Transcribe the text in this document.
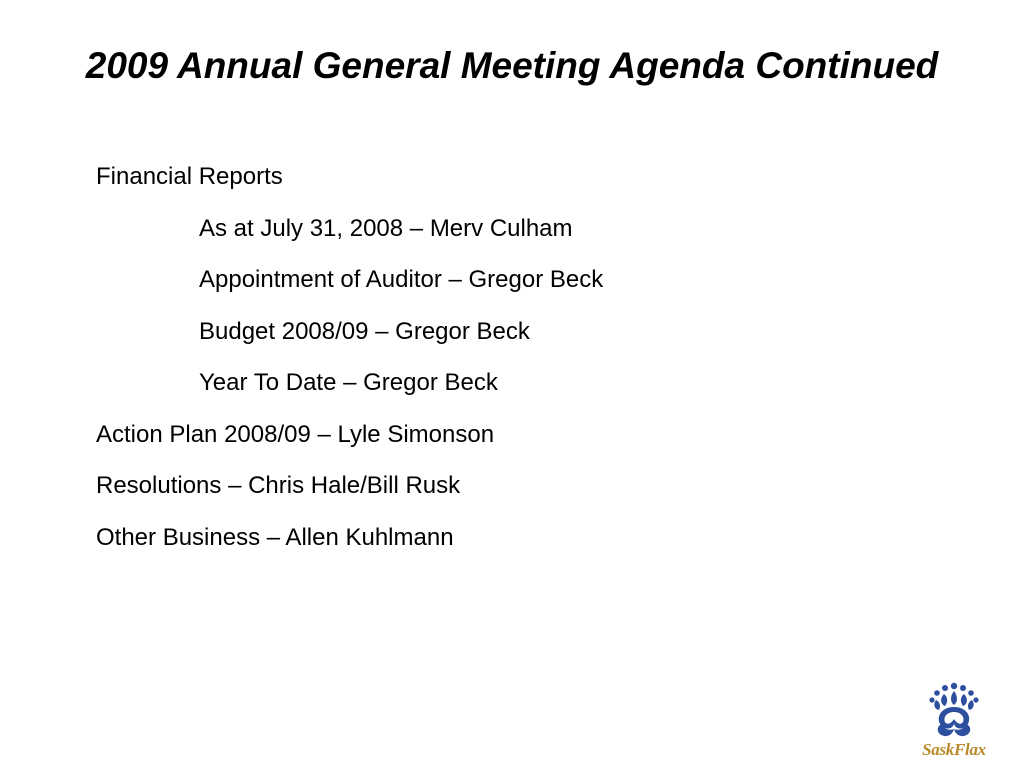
2009 Annual General Meeting Agenda Continued
Financial Reports
As at July 31, 2008 – Merv Culham
Appointment of Auditor – Gregor Beck
Budget 2008/09 – Gregor Beck
Year To Date – Gregor Beck
Action Plan 2008/09 – Lyle Simonson
Resolutions – Chris Hale/Bill Rusk
Other Business – Allen Kuhlmann
SaskFlax
